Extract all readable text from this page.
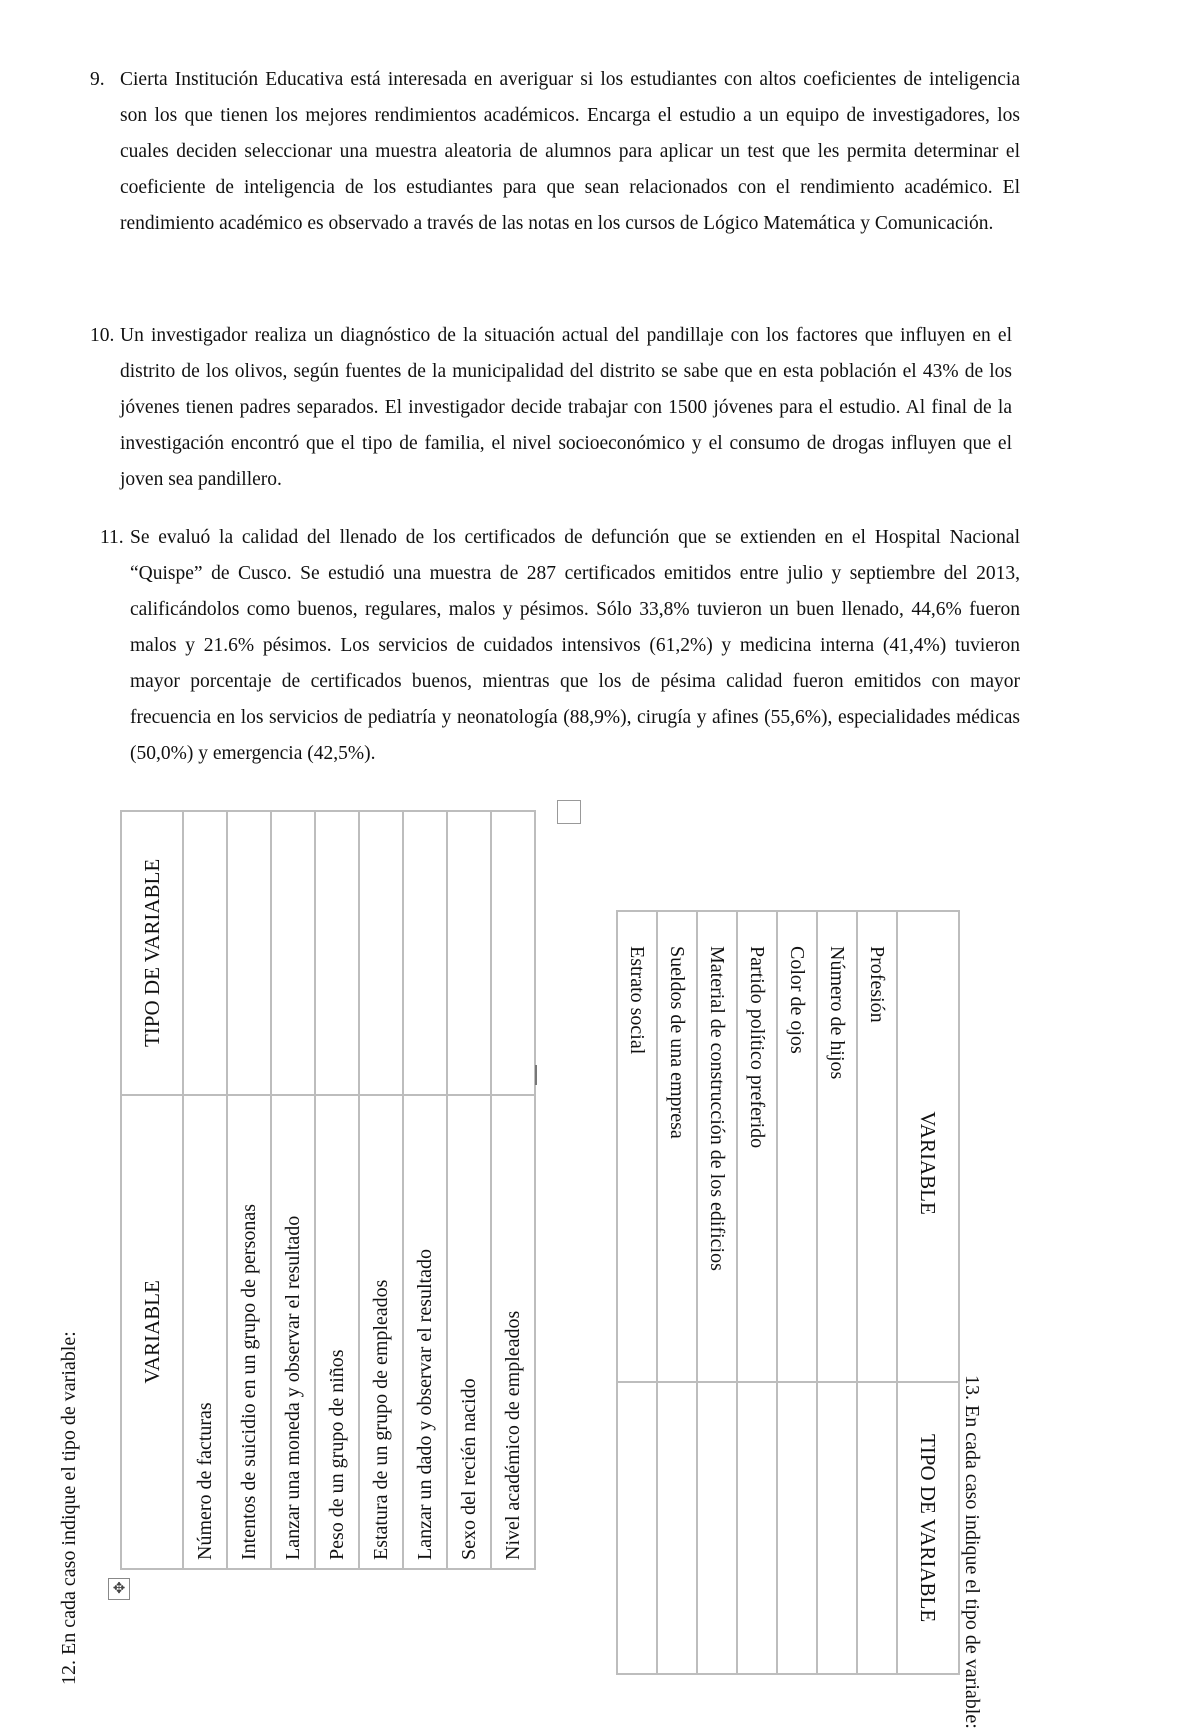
9. Cierta Institución Educativa está interesada en averiguar si los estudiantes con altos coeficientes de inteligencia son los que tienen los mejores rendimientos académicos. Encarga el estudio a un equipo de investigadores, los cuales deciden seleccionar una muestra aleatoria de alumnos para aplicar un test que les permita determinar el coeficiente de inteligencia de los estudiantes para que sean relacionados con el rendimiento académico. El rendimiento académico es observado a través de las notas en los cursos de Lógico Matemática y Comunicación.
10. Un investigador realiza un diagnóstico de la situación actual del pandillaje con los factores que influyen en el distrito de los olivos, según fuentes de la municipalidad del distrito se sabe que en esta población el 43% de los jóvenes tienen padres separados. El investigador decide trabajar con 1500 jóvenes para el estudio. Al final de la investigación encontró que el tipo de familia, el nivel socioeconómico y el consumo de drogas influyen que el joven sea pandillero.
11. Se evaluó la calidad del llenado de los certificados de defunción que se extienden en el Hospital Nacional “Quispe” de Cusco. Se estudió una muestra de 287 certificados emitidos entre julio y septiembre del 2013, calificándolos como buenos, regulares, malos y pésimos. Sólo 33,8% tuvieron un buen llenado, 44,6% fueron malos y 21.6% pésimos. Los servicios de cuidados intensivos (61,2%) y medicina interna (41,4%) tuvieron mayor porcentaje de certificados buenos, mientras que los de pésima calidad fueron emitidos con mayor frecuencia en los servicios de pediatría y neonatología (88,9%), cirugía y afines (55,6%), especialidades médicas (50,0%) y emergencia (42,5%).
12. En cada caso indique el tipo de variable:	✥
VARIABLE	TIPO DE VARIABLE
Número de facturas	
Intentos de suicidio en un grupo de personas	
Lanzar una moneda y observar el resultado	
Peso de un grupo de niños	
Estatura de un grupo de empleados	
Lanzar un dado y observar el resultado	
Sexo del recién nacido	
Nivel académico de empleados		13. En cada caso indique el tipo de variable:
VARIABLE	TIPO DE VARIABLE
Profesión	
Número de hijos	
Color de ojos	
Partido político preferido	
Material de construcción de los edificios	
Sueldos de una empresa	
Estrato social	
